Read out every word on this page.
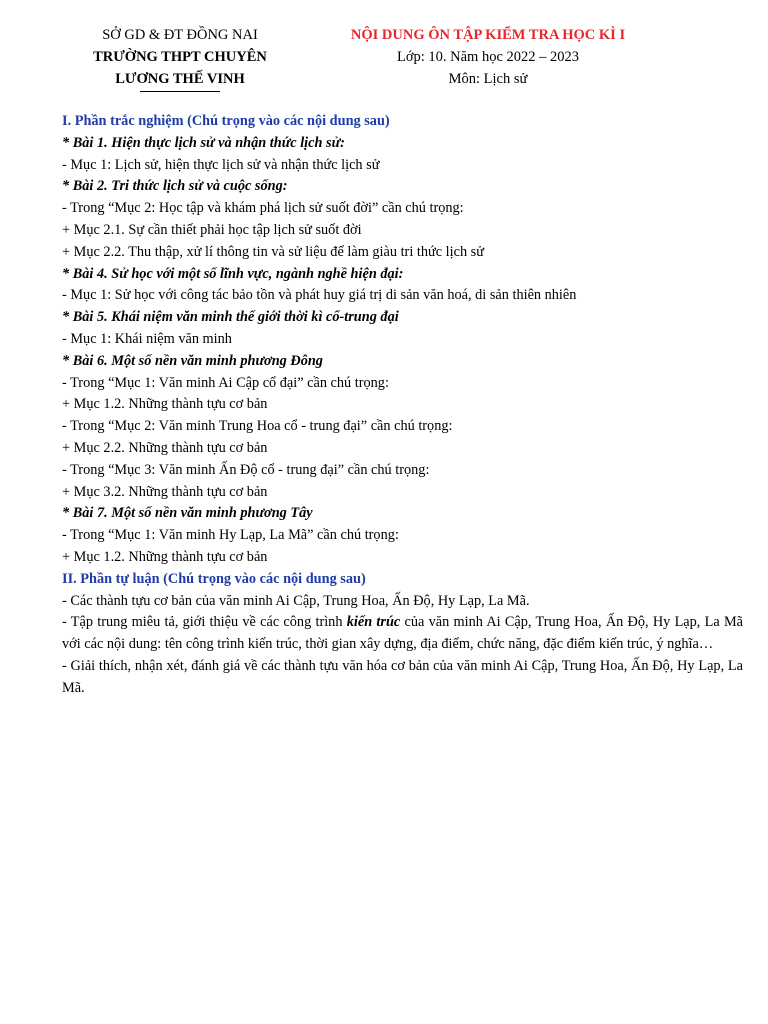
SỞ GD & ĐT ĐỒNG NAI
TRƯỜNG THPT CHUYÊN
LƯƠNG THẾ VINH
NỘI DUNG ÔN TẬP KIỂM TRA HỌC KÌ I
Lớp: 10. Năm học 2022 – 2023
Môn: Lịch sử
I. Phần trắc nghiệm (Chú trọng vào các nội dung sau)
* Bài 1. Hiện thực lịch sử và nhận thức lịch sử:
- Mục 1: Lịch sử, hiện thực lịch sử và nhận thức lịch sử
* Bài 2. Tri thức lịch sử và cuộc sống:
- Trong “Mục 2: Học tập và khám phá lịch sử suốt đời” cần chú trọng:
+ Mục 2.1. Sự cần thiết phải học tập lịch sử suốt đời
+ Mục 2.2. Thu thập, xử lí thông tin và sử liệu để làm giàu tri thức lịch sử
* Bài 4. Sử học với một số lĩnh vực, ngành nghề hiện đại:
- Mục 1: Sử học với công tác bảo tồn và phát huy giá trị di sản văn hoá, di sản thiên nhiên
* Bài 5. Khái niệm văn minh thế giới thời kì cổ-trung đại
- Mục 1: Khái niệm văn minh
* Bài 6. Một số nền văn minh phương Đông
- Trong “Mục 1: Văn minh Ai Cập cổ đại” cần chú trọng:
+ Mục 1.2. Những thành tựu cơ bản
- Trong “Mục 2: Văn minh Trung Hoa cổ - trung đại” cần chú trọng:
+ Mục 2.2. Những thành tựu cơ bản
- Trong “Mục 3: Văn minh Ấn Độ cổ - trung đại” cần chú trọng:
+ Mục 3.2. Những thành tựu cơ bản
* Bài 7. Một số nền văn minh phương Tây
- Trong “Mục 1: Văn minh Hy Lạp, La Mã” cần chú trọng:
+ Mục 1.2. Những thành tựu cơ bản
II. Phần tự luận (Chú trọng vào các nội dung sau)
- Các thành tựu cơ bản của văn minh Ai Cập, Trung Hoa, Ấn Độ, Hy Lạp, La Mã.
- Tập trung miêu tả, giới thiệu về các công trình kiến trúc của văn minh Ai Cập, Trung Hoa, Ấn Độ, Hy Lạp, La Mã với các nội dung: tên công trình kiến trúc, thời gian xây dựng, địa điểm, chức năng, đặc điểm kiến trúc, ý nghĩa…
- Giải thích, nhận xét, đánh giá về các thành tựu văn hóa cơ bản của văn minh Ai Cập, Trung Hoa, Ấn Độ, Hy Lạp, La Mã.
